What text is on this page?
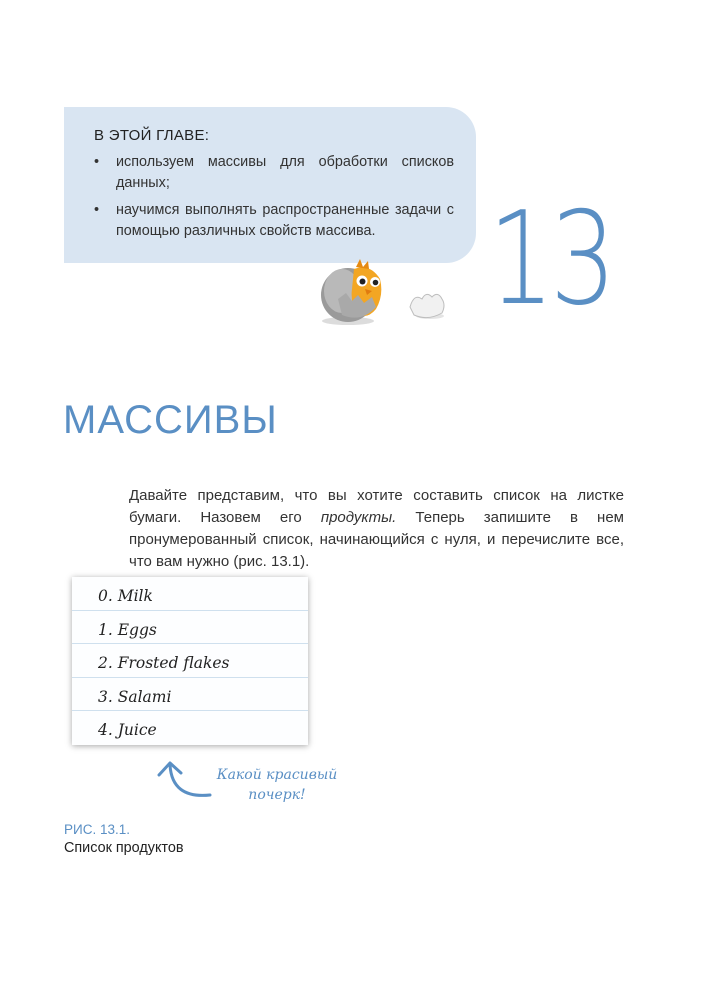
В ЭТОЙ ГЛАВЕ:
• используем массивы для обработки списков данных;
• научимся выполнять распространенные задачи с помощью различных свойств массива. 13
МАССИВЫ

Давайте представим, что вы хотите составить список на листке бумаги. Назовем его продукты. Теперь запишите в нем пронумерованный список, начинающийся с нуля, и перечислите все, что вам нужно (рис. 13.1).

0. Milk
1. Eggs
2. Frosted flakes
3. Salami
4. Juice
Какой красивый почерк!
РИС. 13.1.
Список продуктов
